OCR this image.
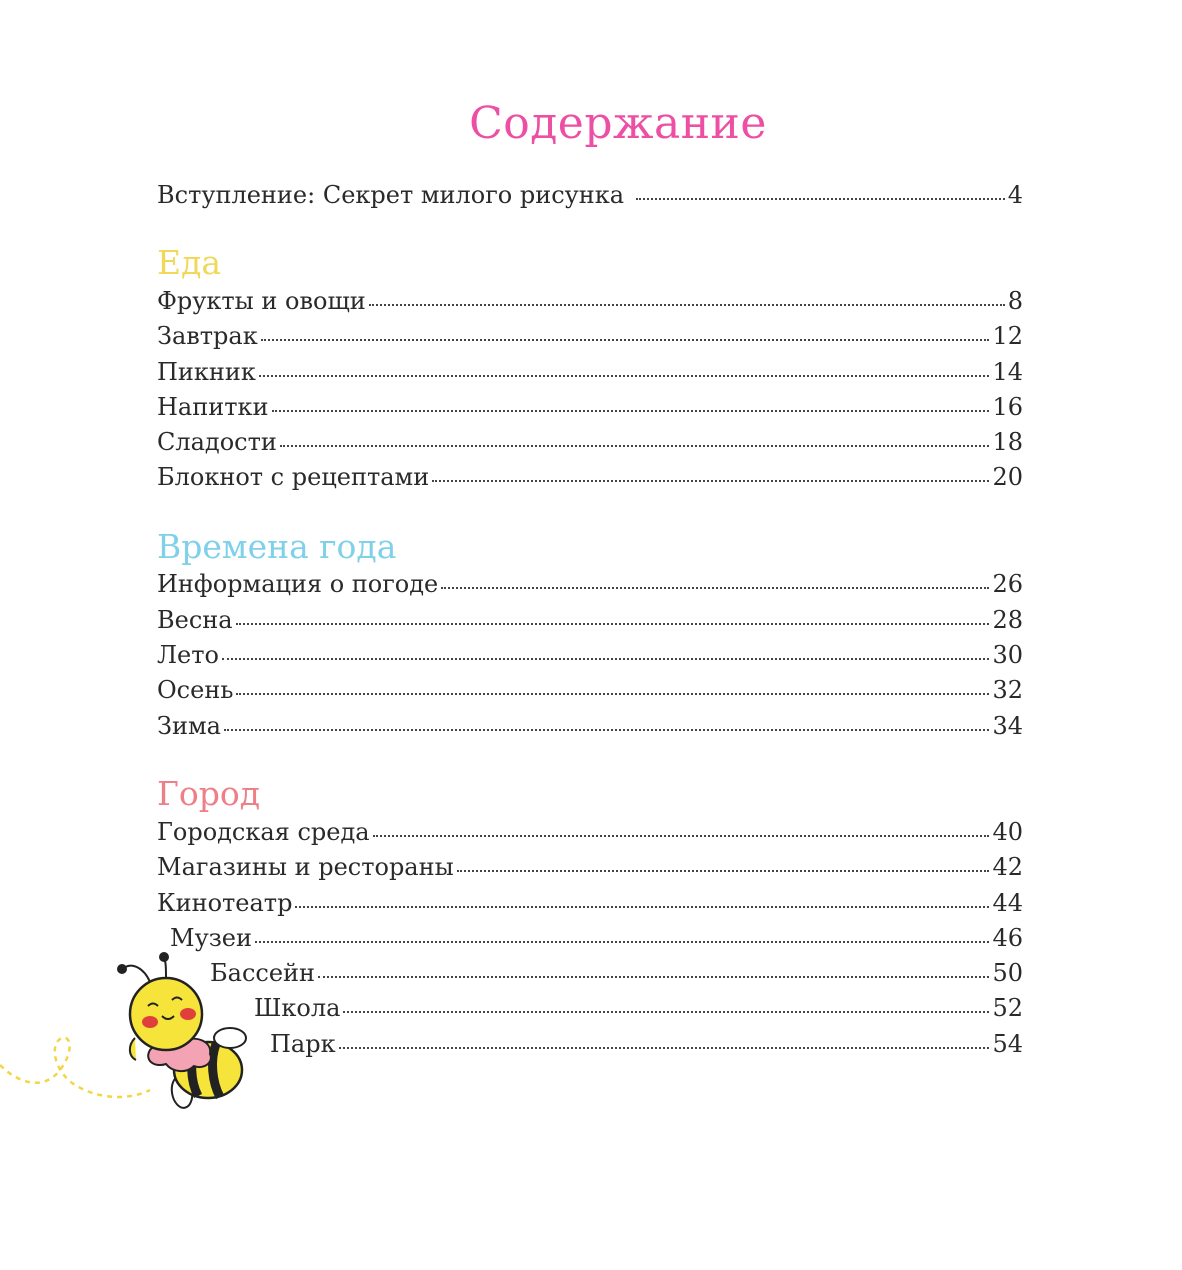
Содержание
Вступление: Секрет милого рисунка	4
Еда
Фрукты и овощи	8
Завтрак	12
Пикник	14
Напитки	16
Сладости	18
Блокнот с рецептами	20
Времена года
Информация о погоде	26
Весна	28
Лето	30
Осень	32
Зима	34
Город
Городская среда	40
Магазины и рестораны	42
Кинотеатр	44
Музеи	46
Бассейн	50
Школа	52
Парк	54
